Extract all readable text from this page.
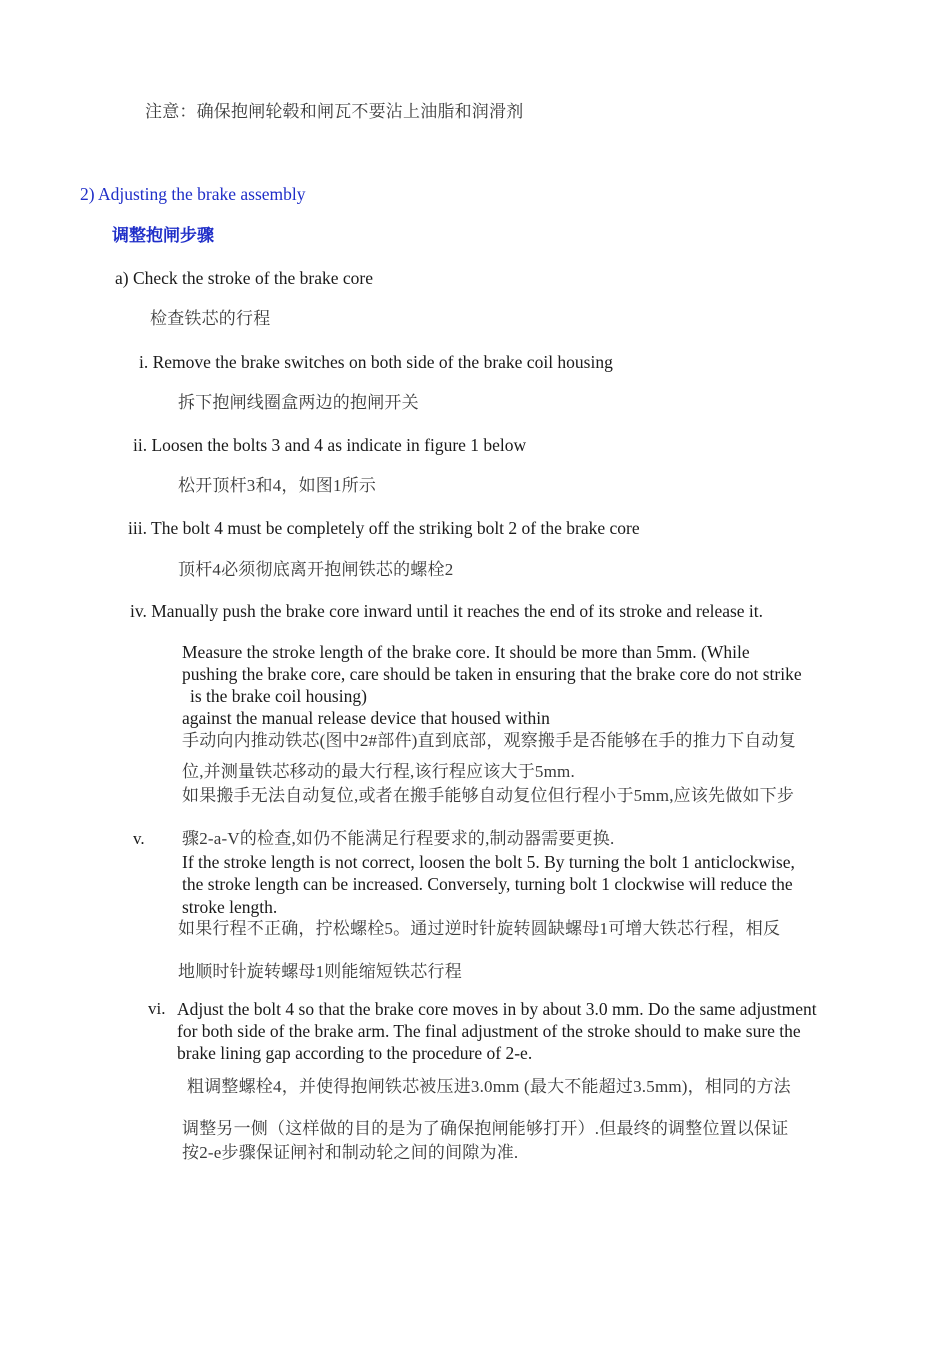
注意：确保抱闸轮毂和闸瓦不要沾上油脂和润滑剂
2) Adjusting the brake assembly
调整抱闸步骤
a) Check the stroke of the brake core
检查铁芯的行程
i. Remove the brake switches on both side of the brake coil housing
拆下抱闸线圈盒两边的抱闸开关
ii. Loosen the bolts 3 and 4 as indicate in figure 1 below
松开顶杆3和4，如图1所示
iii. The bolt 4 must be completely off the striking bolt 2 of the brake core
顶杆4必须彻底离开抱闸铁芯的螺栓2
iv. Manually push the brake core inward until it reaches the end of its stroke and release it.
Measure the stroke length of the brake core. It should be more than 5mm. (While
pushing the brake core, care should be taken in ensuring that the brake core do not strike
is the brake coil housing)
against the manual release device that housed within
手动向内推动铁芯(图中2#部件)直到底部，观察搬手是否能够在手的推力下自动复
位,并测量铁芯移动的最大行程,该行程应该大于5mm.
如果搬手无法自动复位,或者在搬手能够自动复位但行程小于5mm,应该先做如下步
v. 骤2-a-V的检查,如仍不能满足行程要求的,制动器需要更换.
If the stroke length is not correct, loosen the bolt 5. By turning the bolt 1 anticlockwise,
the stroke length can be increased. Conversely, turning bolt 1 clockwise will reduce the
stroke length.
如果行程不正确，拧松螺栓5。通过逆时针旋转圆缺螺母1可增大铁芯行程，相反
地顺时针旋转螺母1则能缩短铁芯行程
vi. Adjust the bolt 4 so that the brake core moves in by about 3.0 mm. Do the same adjustment
for both side of the brake arm. The final adjustment of the stroke should to make sure the
brake lining gap according to the procedure of 2-e.
粗调整螺栓4，并使得抱闸铁芯被压进3.0mm (最大不能超过3.5mm)，相同的方法
调整另一侧（这样做的目的是为了确保抱闸能够打开）.但最终的调整位置以保证
按2-e步骤保证闸衬和制动轮之间的间隙为准.
